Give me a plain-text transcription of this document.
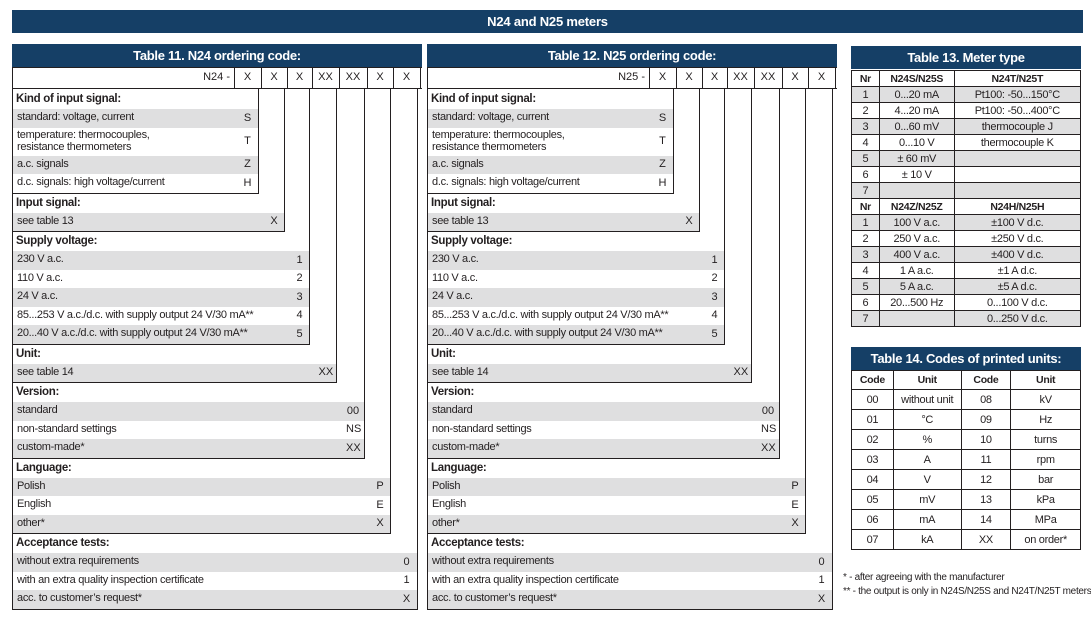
N24 and N25 meters
Table 11. N24 ordering code:
N24 -	X	X	X	XX	XX	X	X
Kind of input signal:
standard: voltage, current	S
temperature: thermocouples, resistance thermometers	T
a.c. signals	Z
d.c. signals: high voltage/current	H
Input signal:
see table 13	X
Supply voltage:
230 V a.c.	1
110 V a.c.	2
24 V a.c.	3
85...253 V a.c./d.c. with supply output 24 V/30 mA**	4
20...40 V a.c./d.c. with supply output 24 V/30 mA**	5
Unit:
see table 14	XX
Version:
standard	00
non-standard settings	NS
custom-made*	XX
Language:
Polish	P
English	E
other*	X
Acceptance tests:
without extra requirements	0
with an extra quality inspection certificate	1
acc. to customer’s request*	X
Table 12. N25 ordering code:
N25 -	X	X	X	XX	XX	X	X
Kind of input signal:
standard: voltage, current	S
temperature: thermocouples, resistance thermometers	T
a.c. signals	Z
d.c. signals: high voltage/current	H
Input signal:
see table 13	X
Supply voltage:
230 V a.c.	1
110 V a.c.	2
24 V a.c.	3
85...253 V a.c./d.c. with supply output 24 V/30 mA**	4
20...40 V a.c./d.c. with supply output 24 V/30 mA**	5
Unit:
see table 14	XX
Version:
standard	00
non-standard settings	NS
custom-made*	XX
Language:
Polish	P
English	E
other*	X
Acceptance tests:
without extra requirements	0
with an extra quality inspection certificate	1
acc. to customer’s request*	X
Table 13. Meter type
Nr	N24S/N25S	N24T/N25T
1	0...20 mA	Pt100: -50...150°C
2	4...20 mA	Pt100: -50...400°C
3	0...60 mV	thermocouple J
4	0...10 V	thermocouple K
5	± 60 mV	
6	± 10 V	
7		
Nr	N24Z/N25Z	N24H/N25H
1	100 V a.c.	±100 V d.c.
2	250 V a.c.	±250 V d.c.
3	400 V a.c.	±400 V d.c.
4	1 A a.c.	±1 A d.c.
5	5 A a.c.	±5 A d.c.
6	20...500 Hz	0...100 V d.c.
7		0...250 V d.c.
Table 14. Codes of printed units:
Code	Unit	Code	Unit
00	without unit	08	kV
01	°C	09	Hz
02	%	10	turns
03	A	11	rpm
04	V	12	bar
05	mV	13	kPa
06	mA	14	MPa
07	kA	XX	on order*
* - after agreeing with the manufacturer
** - the output is only in N24S/N25S and N24T/N25T meters
